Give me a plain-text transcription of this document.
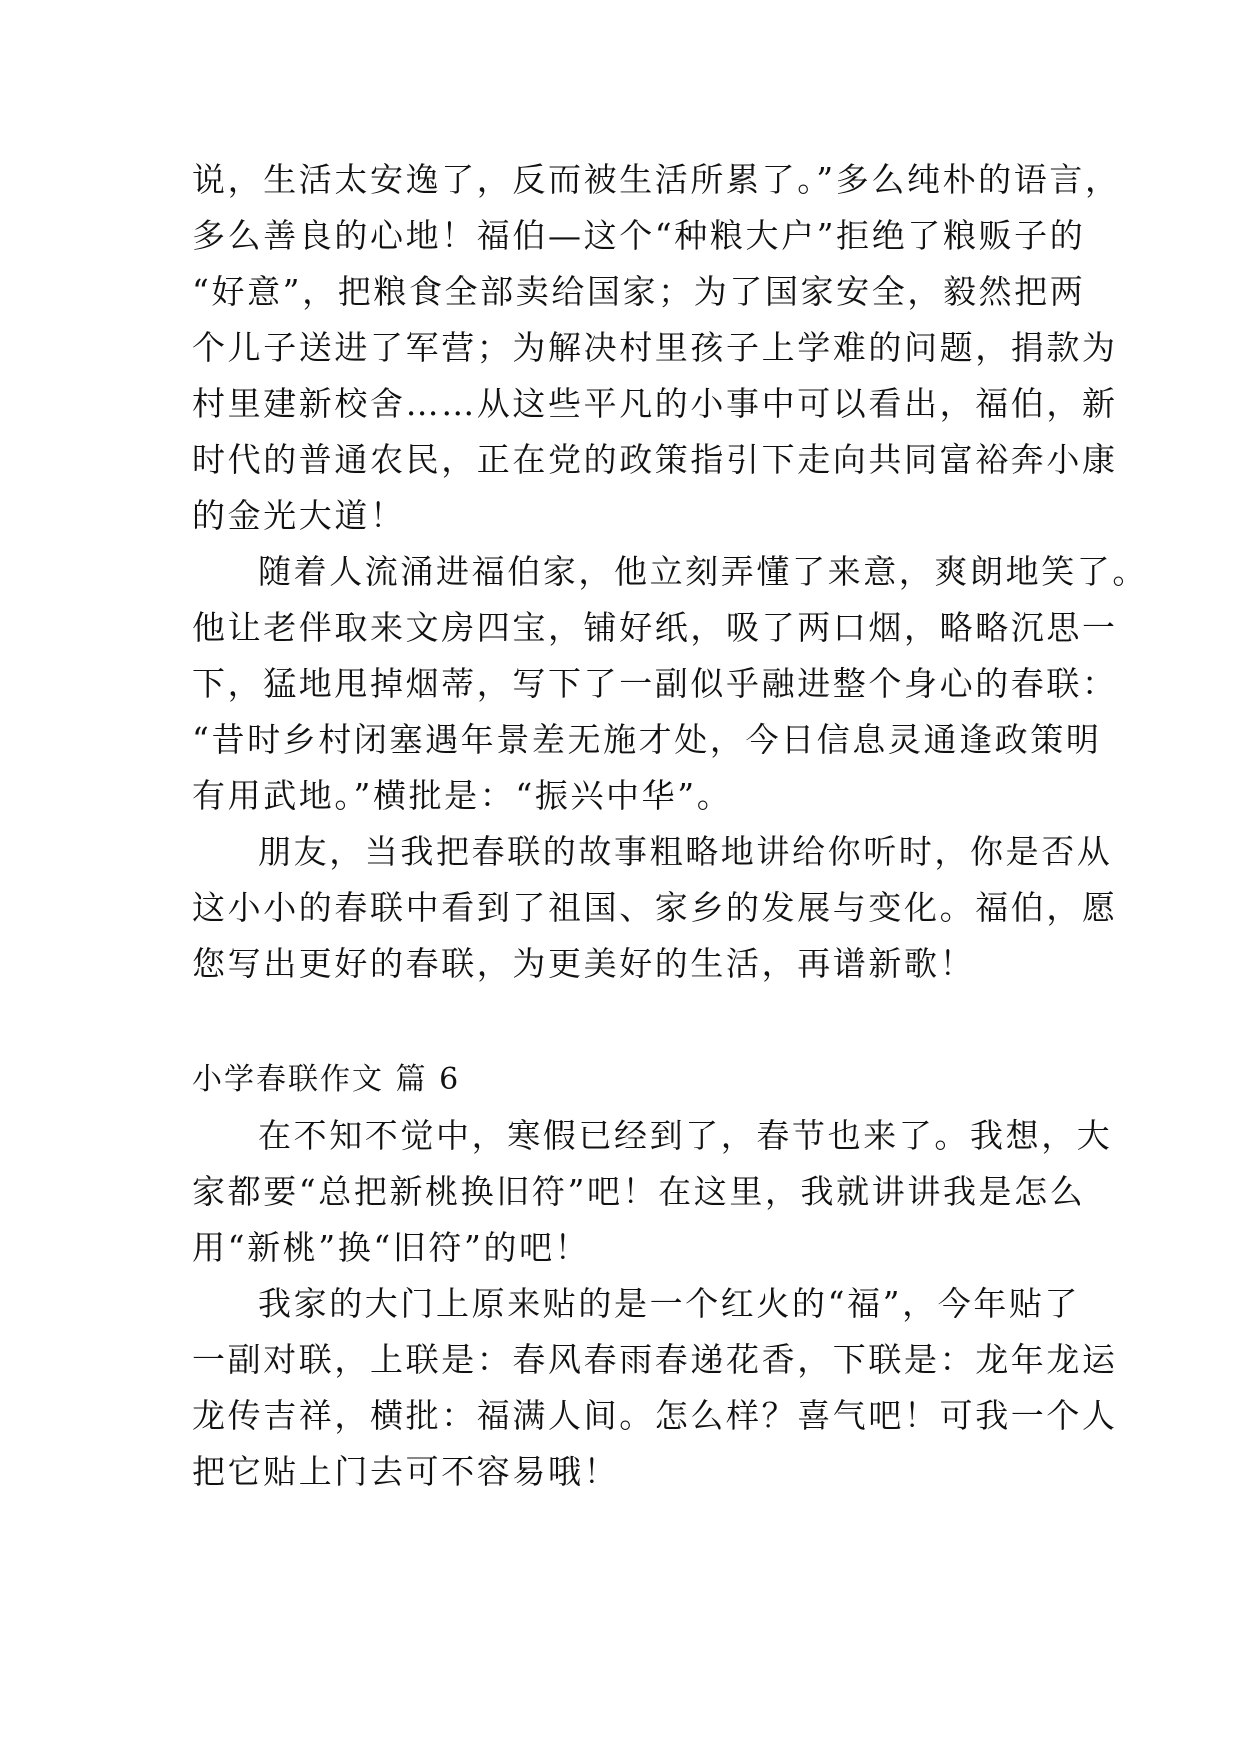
说，生活太安逸了，反而被生活所累了。”多么纯朴的语言，
多么善良的心地！福伯—这个“种粮大户”拒绝了粮贩子的
“好意”，把粮食全部卖给国家；为了国家安全，毅然把两
个儿子送进了军营；为解决村里孩子上学难的问题，捐款为
村里建新校舍……从这些平凡的小事中可以看出，福伯，新
时代的普通农民，正在党的政策指引下走向共同富裕奔小康
的金光大道！
随着人流涌进福伯家，他立刻弄懂了来意，爽朗地笑了。
他让老伴取来文房四宝，铺好纸，吸了两口烟，略略沉思一
下，猛地甩掉烟蒂，写下了一副似乎融进整个身心的春联：
“昔时乡村闭塞遇年景差无施才处，今日信息灵通逢政策明
有用武地。”横批是：“振兴中华”。
朋友，当我把春联的故事粗略地讲给你听时，你是否从
这小小的春联中看到了祖国、家乡的发展与变化。福伯，愿
您写出更好的春联，为更美好的生活，再谱新歌！
小学春联作文 篇 6
在不知不觉中，寒假已经到了，春节也来了。我想，大
家都要“总把新桃换旧符”吧！在这里，我就讲讲我是怎么
用“新桃”换“旧符”的吧！
我家的大门上原来贴的是一个红火的“福”，今年贴了
一副对联，上联是：春风春雨春递花香，下联是：龙年龙运
龙传吉祥，横批：福满人间。怎么样？喜气吧！可我一个人
把它贴上门去可不容易哦！
